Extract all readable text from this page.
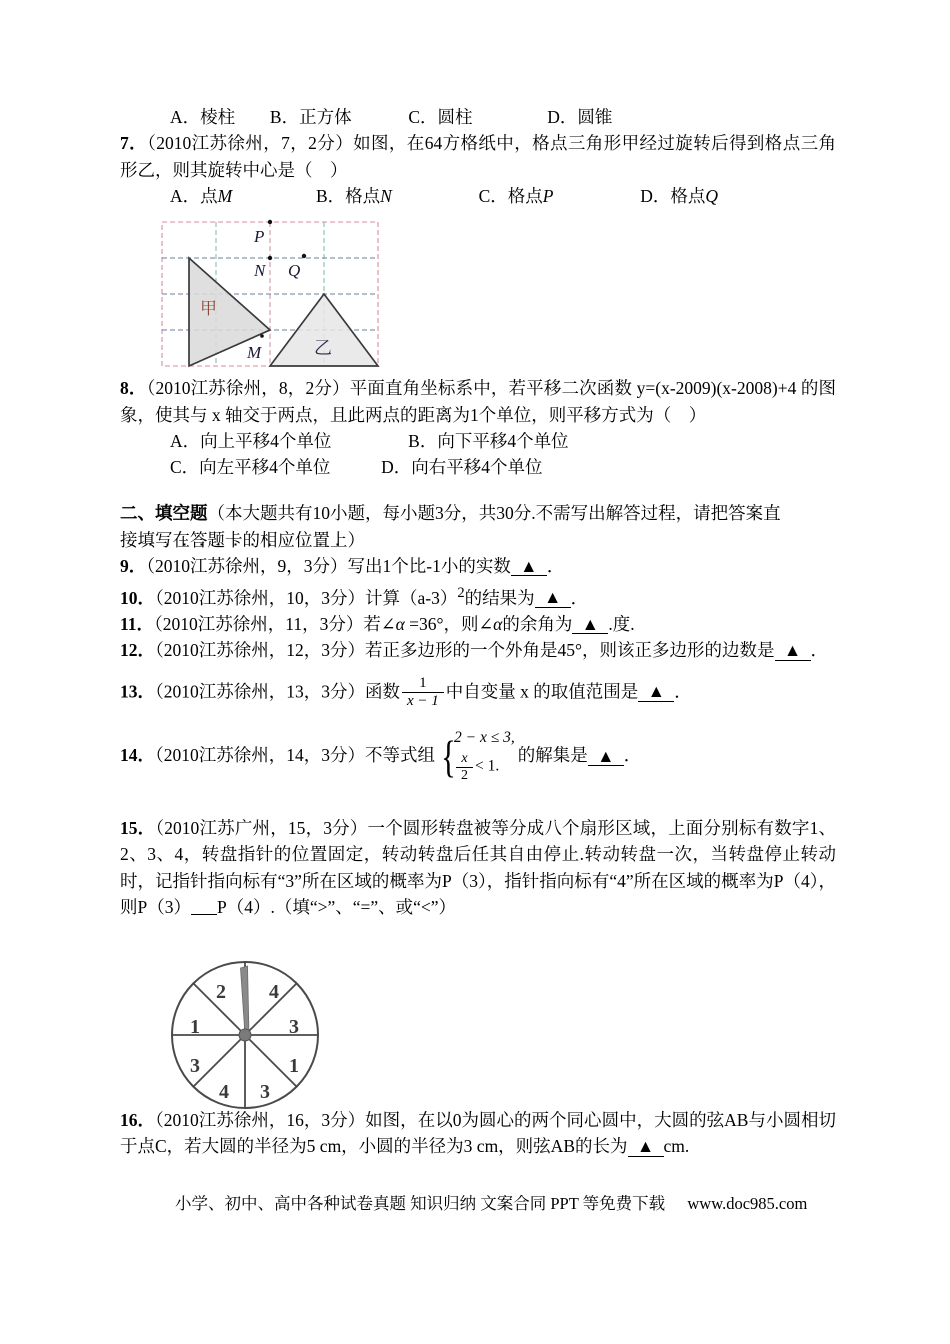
A．棱柱 B．正方体	C．圆柱	D．圆锥

7．（2010江苏徐州，7，2分）如图，在64方格纸中，格点三角形甲经过旋转后得到格点三角形乙，则其旋转中心是（　）

A．点M	B．格点N	C．格点P	D．格点Q

8．（2010江苏徐州，8，2分）平面直角坐标系中，若平移二次函数 y=(x-2009)(x-2008)+4 的图象，使其与 x 轴交于两点，且此两点的距离为1个单位，则平移方式为（　）

A．向上平移4个单位	B．向下平移4个单位

C．向左平移4个单位	D．向右平移4个单位

二、填空题（本大题共有10小题，每小题3分，共30分.不需写出解答过程，请把答案直

接填写在答题卡的相应位置上）

9．（2010江苏徐州，9，3分）写出1个比-1小的实数 ▲ ．

10．（2010江苏徐州，10，3分）计算$(a-3)^2$的结果为 ▲ ．

11．（2010江苏徐州，11，3分）若∠α =36°，则∠α的余角为 ▲ .度.

12．（2010江苏徐州，12，3分）若正多边形的一个外角是45°，则该正多边形的边数是 ▲ ．

13．（2010江苏徐州，13，3分）函数 $\frac{1}{x - 1}$ 中自变量 x 的取值范围是 ▲ ．

14．（2010江苏徐州，14，3分）不等式组 {
2 − x ≤ 3,
$\frac{x}{2} < 1$.
的解集是 ▲ ．

15．（2010江苏广州，15，3分）一个圆形转盘被等分成八个扇形区域，上面分别标有数字1、2、3、4，转盘指针的位置固定，转动转盘后任其自由停止.转动转盘一次，当转盘停止转动时，记指针指向标有“3”所在区域的概率为P（3），指针指向标有“4”所在区域的概率为P（4），则P（3） P（4）.（填“>”、“=”、或“<”）

16．（2010江苏徐州，16，3分）如图，在以0为圆心的两个同心圆中，大圆的弦AB与小圆相切于点C，若大圆的半径为5 cm，小圆的半径为3 cm，则弦AB的长为 ▲ cm.

P
N Q
M
甲
乙
4
3
1
3
4
3
1
2
小学、初中、高中各种试卷真题 知识归纳 文案合同 PPT 等免费下载 www.doc985.com
